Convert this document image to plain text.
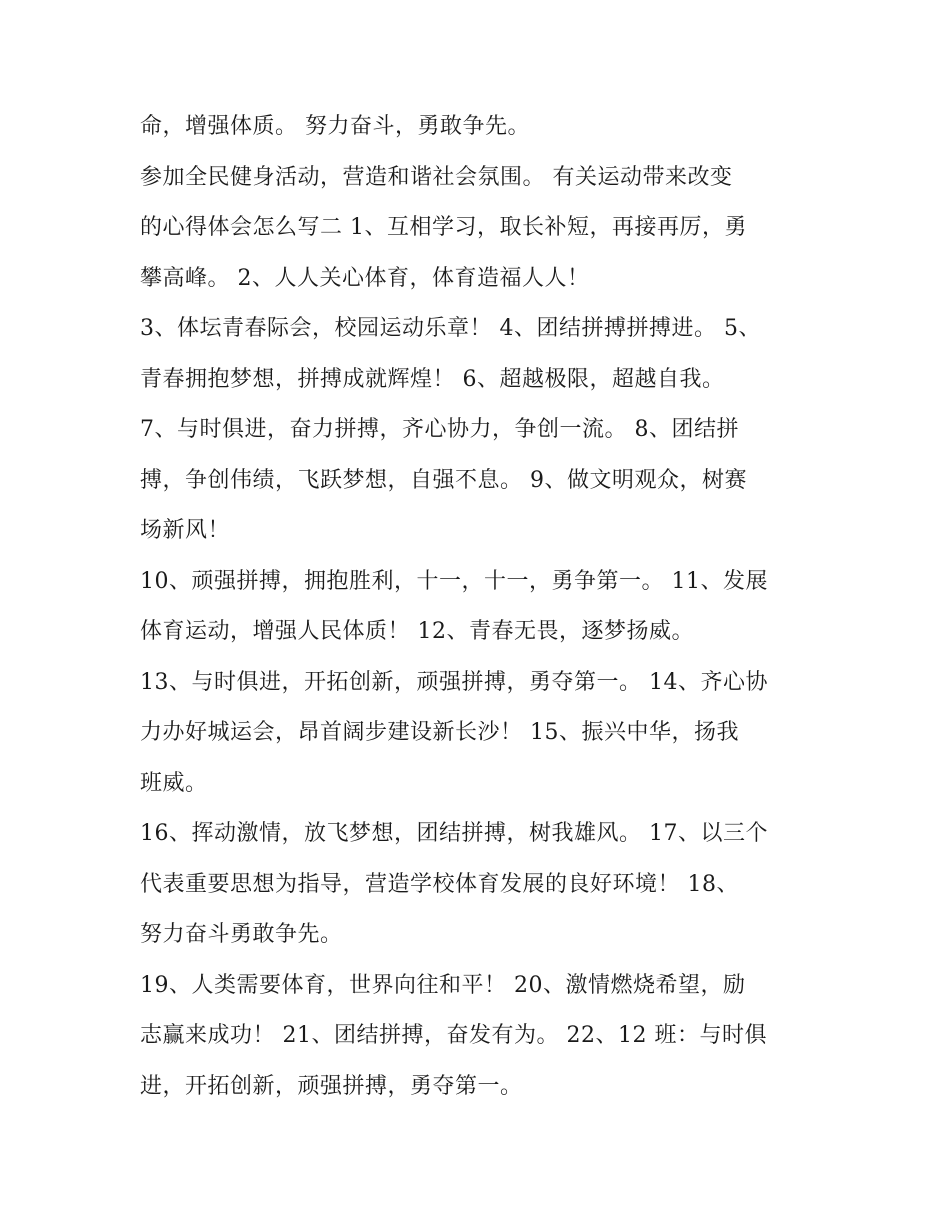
命，增强体质。 努力奋斗，勇敢争先。

参加全民健身活动，营造和谐社会氛围。 有关运动带来改变
的心得体会怎么写二 1、互相学习，取长补短，再接再厉，勇
攀高峰。 2、人人关心体育，体育造福人人！

3、体坛青春际会，校园运动乐章！ 4、团结拼搏拼搏进。 5、
青春拥抱梦想，拼搏成就辉煌！ 6、超越极限，超越自我。

7、与时俱进，奋力拼搏，齐心协力，争创一流。 8、团结拼
搏，争创伟绩，飞跃梦想，自强不息。 9、做文明观众，树赛
场新风！

10、顽强拼搏，拥抱胜利，十一，十一，勇争第一。 11、发展
体育运动，增强人民体质！ 12、青春无畏，逐梦扬威。

13、与时俱进，开拓创新，顽强拼搏，勇夺第一。 14、齐心协
力办好城运会，昂首阔步建设新长沙！ 15、振兴中华，扬我
班威。

16、挥动激情，放飞梦想，团结拼搏，树我雄风。 17、以三个
代表重要思想为指导，营造学校体育发展的良好环境！ 18、
努力奋斗勇敢争先。

19、人类需要体育，世界向往和平！ 20、激情燃烧希望，励
志赢来成功！ 21、团结拼搏，奋发有为。 22、12 班：与时俱
进，开拓创新，顽强拼搏，勇夺第一。
